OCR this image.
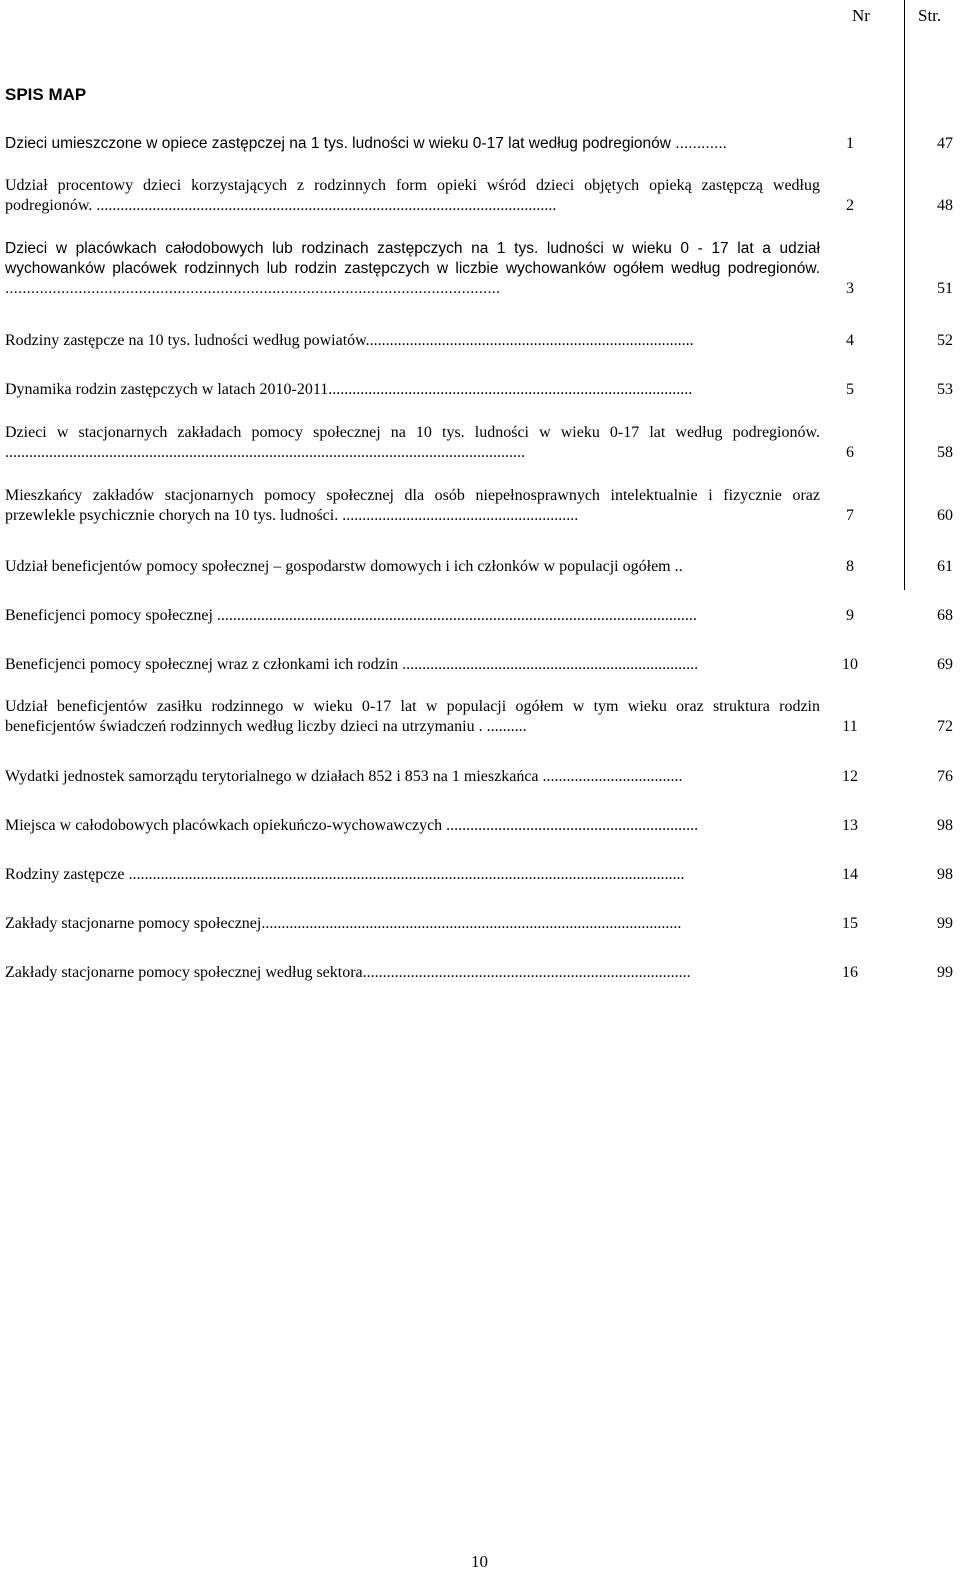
Nr	Str.
SPIS MAP
Dzieci umieszczone w opiece zastępczej na 1 tys. ludności w wieku 0-17 lat według podregionów ............	1	47
Udział procentowy dzieci korzystających z rodzinnych form opieki wśród dzieci objętych opieką zastępczą według podregionów. ...................................................................................................................	2	48
Dzieci w placówkach całodobowych lub rodzinach zastępczych na 1 tys. ludności w wieku 0 - 17 lat a udział wychowanków placówek rodzinnych lub rodzin zastępczych w liczbie wychowanków ogółem według podregionów. ...................................................................................................................	3	51
Rodziny zastępcze na 10 tys. ludności według powiatów..................................................................................	4	52
Dynamika rodzin zastępczych w latach 2010-2011...........................................................................................	5	53
Dzieci w stacjonarnych zakładach pomocy społecznej na 10 tys. ludności w wieku 0-17 lat według podregionów. ..................................................................................................................................	6	58
Mieszkańcy zakładów stacjonarnych pomocy społecznej dla osób niepełnosprawnych intelektualnie i fizycznie oraz przewlekle psychicznie chorych na 10 tys. ludności. ...........................................................	7	60
Udział beneficjentów pomocy społecznej – gospodarstw domowych i ich członków w populacji ogółem ..	8	61
Beneficjenci pomocy społecznej ........................................................................................................................	9	68
Beneficjenci pomocy społecznej wraz z członkami ich rodzin ..........................................................................	10	69
Udział beneficjentów zasiłku rodzinnego w wieku 0-17 lat w populacji ogółem w tym wieku oraz struktura rodzin beneficjentów świadczeń rodzinnych według liczby dzieci na utrzymaniu . ..........	11	72
Wydatki jednostek samorządu terytorialnego w działach 852 i 853 na 1 mieszkańca ...................................	12	76
Miejsca w całodobowych placówkach opiekuńczo-wychowawczych ...............................................................	13	98
Rodziny zastępcze ...........................................................................................................................................	14	98
Zakłady stacjonarne pomocy społecznej.........................................................................................................	15	99
Zakłady stacjonarne pomocy społecznej według sektora..................................................................................	16	99
10
